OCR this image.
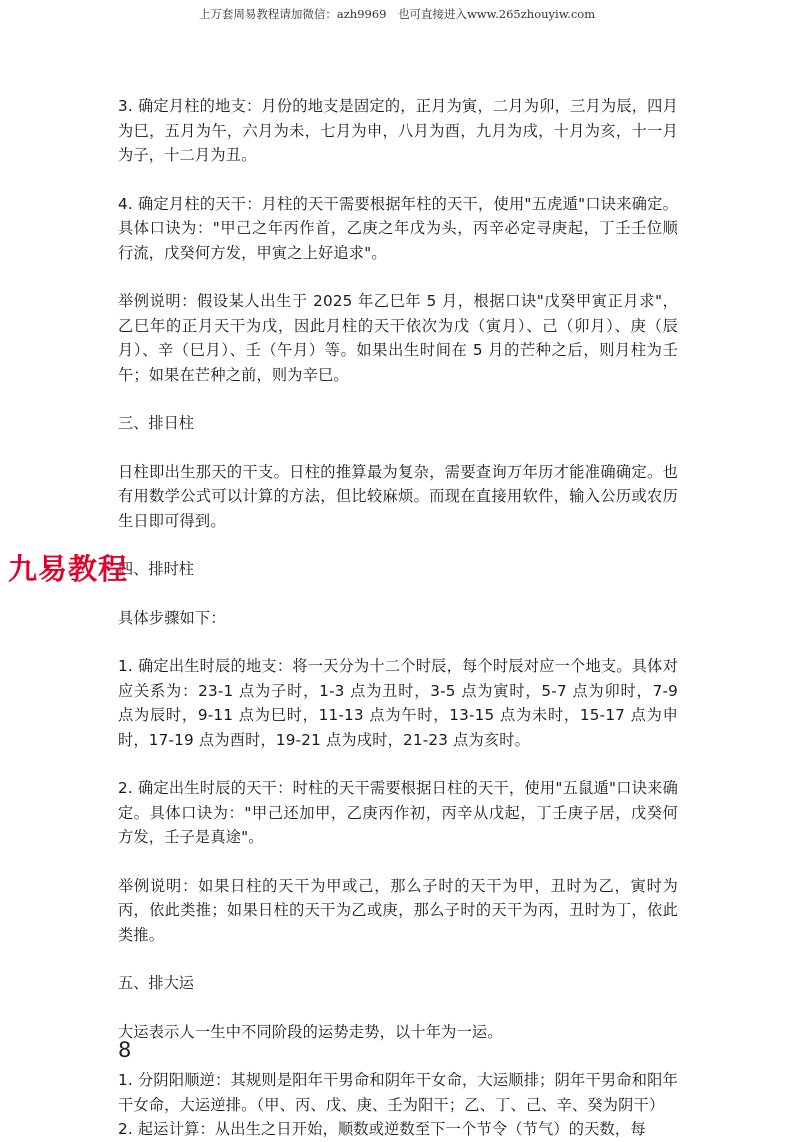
上万套周易教程请加微信：azh9969　也可直接进入www.265zhouyiw.com

3. 确定月柱的地支：月份的地支是固定的，正月为寅，二月为卯，三月为辰，四月为巳，五月为午，六月为未，七月为申，八月为酉，九月为戌，十月为亥，十一月为子，十二月为丑。

4. 确定月柱的天干：月柱的天干需要根据年柱的天干，使用"五虎遁"口诀来确定。具体口诀为："甲己之年丙作首，乙庚之年戊为头，丙辛必定寻庚起，丁壬壬位顺行流，戊癸何方发，甲寅之上好追求"。

举例说明：假设某人出生于 2025 年乙巳年 5 月，根据口诀"戊癸甲寅正月求"，乙巳年的正月天干为戊，因此月柱的天干依次为戊（寅月）、己（卯月）、庚（辰月）、辛（巳月）、壬（午月）等。如果出生时间在 5 月的芒种之后，则月柱为壬午；如果在芒种之前，则为辛巳。

三、排日柱

日柱即出生那天的干支。日柱的推算最为复杂，需要查询万年历才能准确确定。也有用数学公式可以计算的方法，但比较麻烦。而现在直接用软件，输入公历或农历生日即可得到。

四、排时柱

具体步骤如下：

1. 确定出生时辰的地支：将一天分为十二个时辰，每个时辰对应一个地支。具体对应关系为：23-1 点为子时，1-3 点为丑时，3-5 点为寅时，5-7 点为卯时，7-9 点为辰时，9-11 点为巳时，11-13 点为午时，13-15 点为未时，15-17 点为申时，17-19 点为酉时，19-21 点为戌时，21-23 点为亥时。

2. 确定出生时辰的天干：时柱的天干需要根据日柱的天干，使用"五鼠遁"口诀来确定。具体口诀为："甲己还加甲，乙庚丙作初，丙辛从戊起，丁壬庚子居，戊癸何方发，壬子是真途"。

举例说明：如果日柱的天干为甲或己，那么子时的天干为甲，丑时为乙，寅时为丙，依此类推；如果日柱的天干为乙或庚，那么子时的天干为丙，丑时为丁，依此类推。

五、排大运

大运表示人一生中不同阶段的运势走势，以十年为一运。

1. 分阴阳顺逆：其规则是阳年干男命和阴年干女命，大运顺排；阴年干男命和阳年干女命，大运逆排。（甲、丙、戊、庚、壬为阳干；乙、丁、己、辛、癸为阴干）

2. 起运计算：从出生之日开始，顺数或逆数至下一个节令（节气）的天数，每

九易教程
8
